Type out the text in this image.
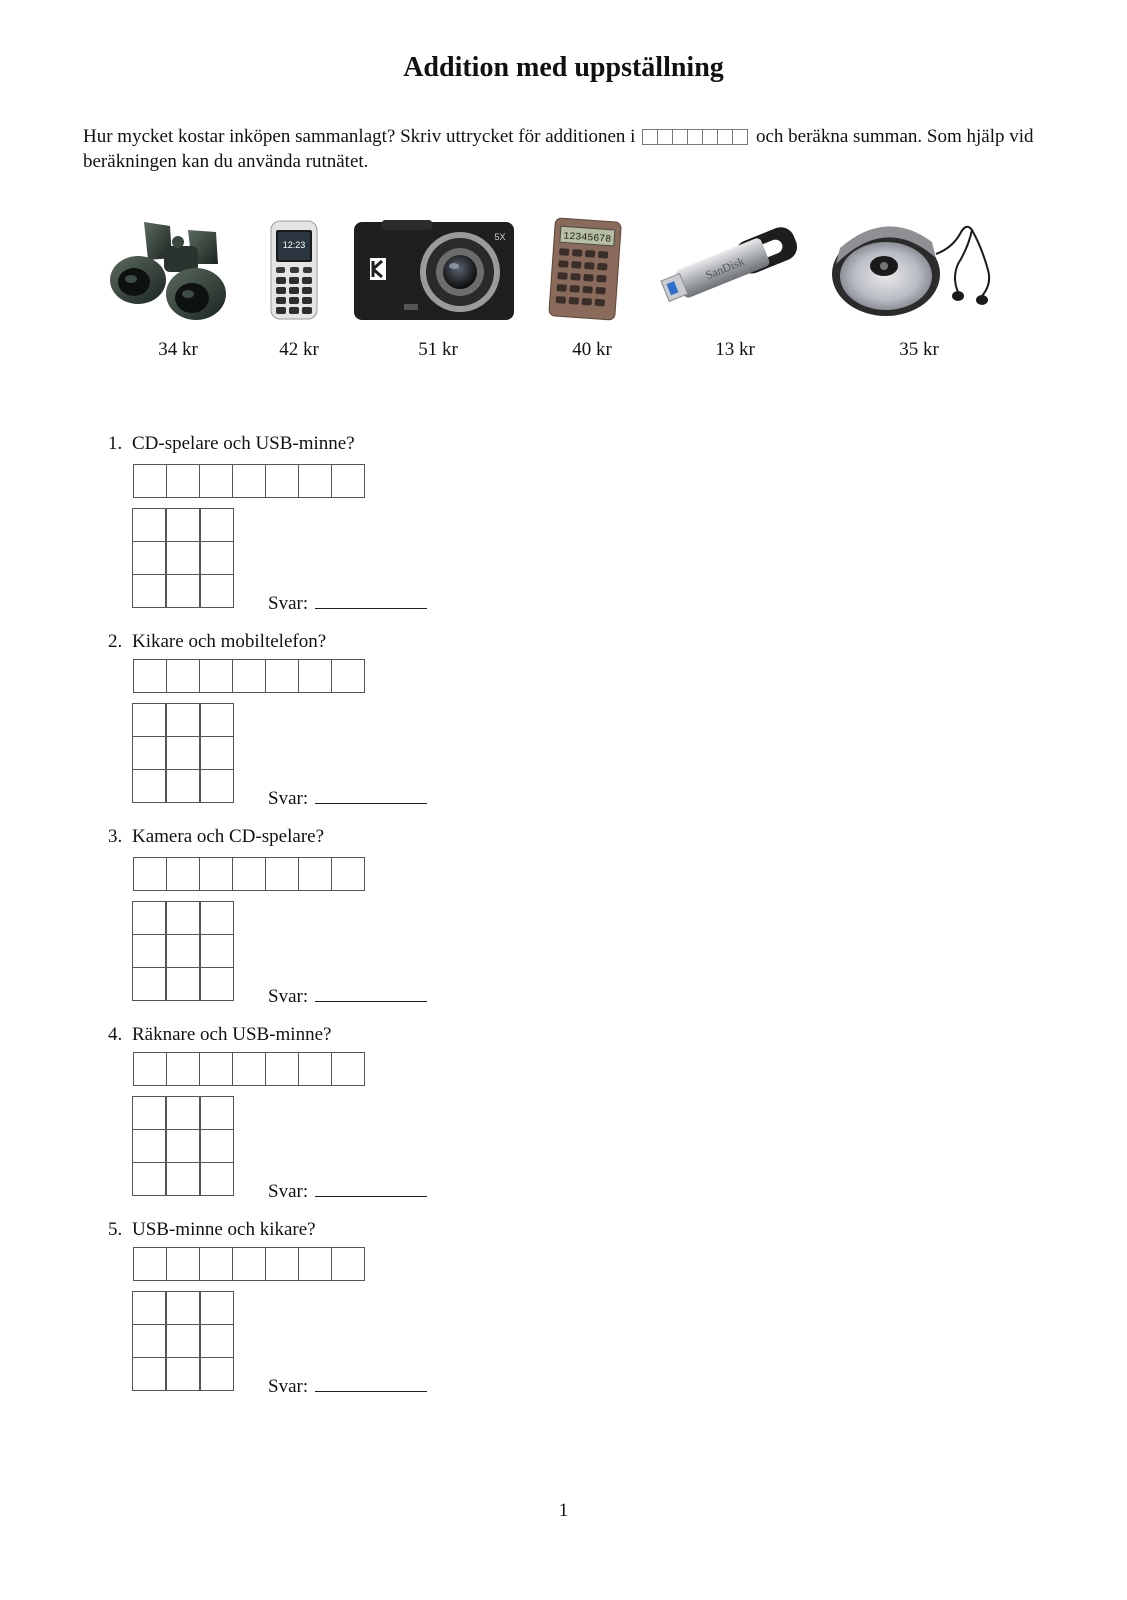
Addition med uppställning

Hur mycket kostar inköpen sammanlagt? Skriv uttrycket för additionen i	och beräkna summan. Som hjälp vid beräkningen kan du använda rutnätet.

34 kr
12:23
42 kr
5X
51 kr
12345678
40 kr
SanDisk
13 kr	35 kr
1. CD-spelare och USB-minne?
Svar:
2. Kikare och mobiltelefon?
Svar:
3. Kamera och CD-spelare?
Svar:
4. Räknare och USB-minne?
Svar:
5. USB-minne och kikare?
Svar:
1
